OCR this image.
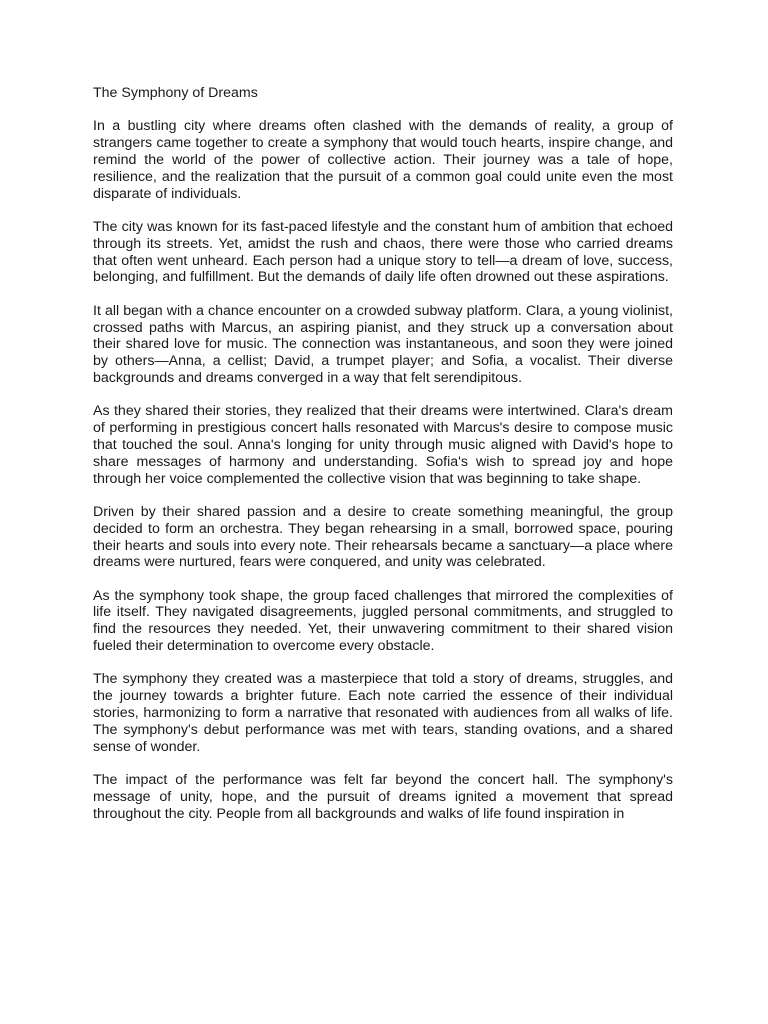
The Symphony of Dreams

In a bustling city where dreams often clashed with the demands of reality, a group of strangers came together to create a symphony that would touch hearts, inspire change, and remind the world of the power of collective action. Their journey was a tale of hope, resilience, and the realization that the pursuit of a common goal could unite even the most disparate of individuals.

The city was known for its fast-paced lifestyle and the constant hum of ambition that echoed through its streets. Yet, amidst the rush and chaos, there were those who carried dreams that often went unheard. Each person had a unique story to tell—a dream of love, success, belonging, and fulfillment. But the demands of daily life often drowned out these aspirations.

It all began with a chance encounter on a crowded subway platform. Clara, a young violinist, crossed paths with Marcus, an aspiring pianist, and they struck up a conversation about their shared love for music. The connection was instantaneous, and soon they were joined by others—Anna, a cellist; David, a trumpet player; and Sofia, a vocalist. Their diverse backgrounds and dreams converged in a way that felt serendipitous.

As they shared their stories, they realized that their dreams were intertwined. Clara's dream of performing in prestigious concert halls resonated with Marcus's desire to compose music that touched the soul. Anna's longing for unity through music aligned with David's hope to share messages of harmony and understanding. Sofia's wish to spread joy and hope through her voice complemented the collective vision that was beginning to take shape.

Driven by their shared passion and a desire to create something meaningful, the group decided to form an orchestra. They began rehearsing in a small, borrowed space, pouring their hearts and souls into every note. Their rehearsals became a sanctuary—a place where dreams were nurtured, fears were conquered, and unity was celebrated.

As the symphony took shape, the group faced challenges that mirrored the complexities of life itself. They navigated disagreements, juggled personal commitments, and struggled to find the resources they needed. Yet, their unwavering commitment to their shared vision fueled their determination to overcome every obstacle.

The symphony they created was a masterpiece that told a story of dreams, struggles, and the journey towards a brighter future. Each note carried the essence of their individual stories, harmonizing to form a narrative that resonated with audiences from all walks of life. The symphony's debut performance was met with tears, standing ovations, and a shared sense of wonder.

The impact of the performance was felt far beyond the concert hall. The symphony's message of unity, hope, and the pursuit of dreams ignited a movement that spread throughout the city. People from all backgrounds and walks of life found inspiration in
